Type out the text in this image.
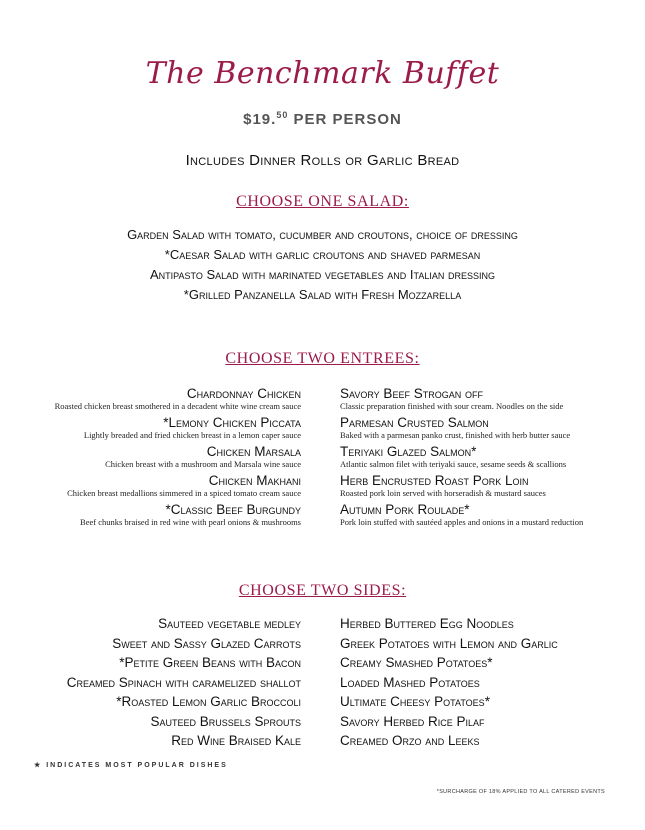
The Benchmark Buffet
$19.50 PER PERSON
Includes Dinner Rolls or Garlic Bread
CHOOSE ONE SALAD:
Garden Salad with tomato, cucumber and croutons, choice of dressing
*Caesar Salad with garlic croutons and shaved parmesan
Antipasto Salad with marinated vegetables and Italian dressing
*Grilled Panzanella Salad with Fresh Mozzarella
CHOOSE TWO ENTREES:
Chardonnay Chicken
Roasted chicken breast smothered in a decadent white wine cream sauce
*Lemony Chicken Piccata
Lightly breaded and fried chicken breast in a lemon caper sauce
Chicken Marsala
Chicken breast with a mushroom and Marsala wine sauce
Chicken Makhani
Chicken breast medallions simmered in a spiced tomato cream sauce
*Classic Beef Burgundy
Beef chunks braised in red wine with pearl onions & mushrooms
Savory Beef Strogan off
Classic preparation finished with sour cream. Noodles on the side
Parmesan Crusted Salmon
Baked with a parmesan panko crust, finished with herb butter sauce
Teriyaki Glazed Salmon*
Atlantic salmon filet with teriyaki sauce, sesame seeds & scallions
Herb Encrusted Roast Pork Loin
Roasted pork loin served with horseradish & mustard sauces
Autumn Pork Roulade*
Pork loin stuffed with sautéed apples and onions in a mustard reduction
CHOOSE TWO SIDES:
Sauteed vegetable medley
Sweet and Sassy Glazed Carrots
*Petite Green Beans with Bacon
Creamed Spinach with caramelized shallot
*Roasted Lemon Garlic Broccoli
Sauteed Brussels Sprouts
Red Wine Braised Kale
Herbed Buttered Egg Noodles
Greek Potatoes with Lemon and Garlic
Creamy Smashed Potatoes*
Loaded Mashed Potatoes
Ultimate Cheesy Potatoes*
Savory Herbed Rice Pilaf
Creamed Orzo and Leeks
★ INDICATES MOST POPULAR DISHES
*SURCHARGE OF 18% APPLIED TO ALL CATERED EVENTS
